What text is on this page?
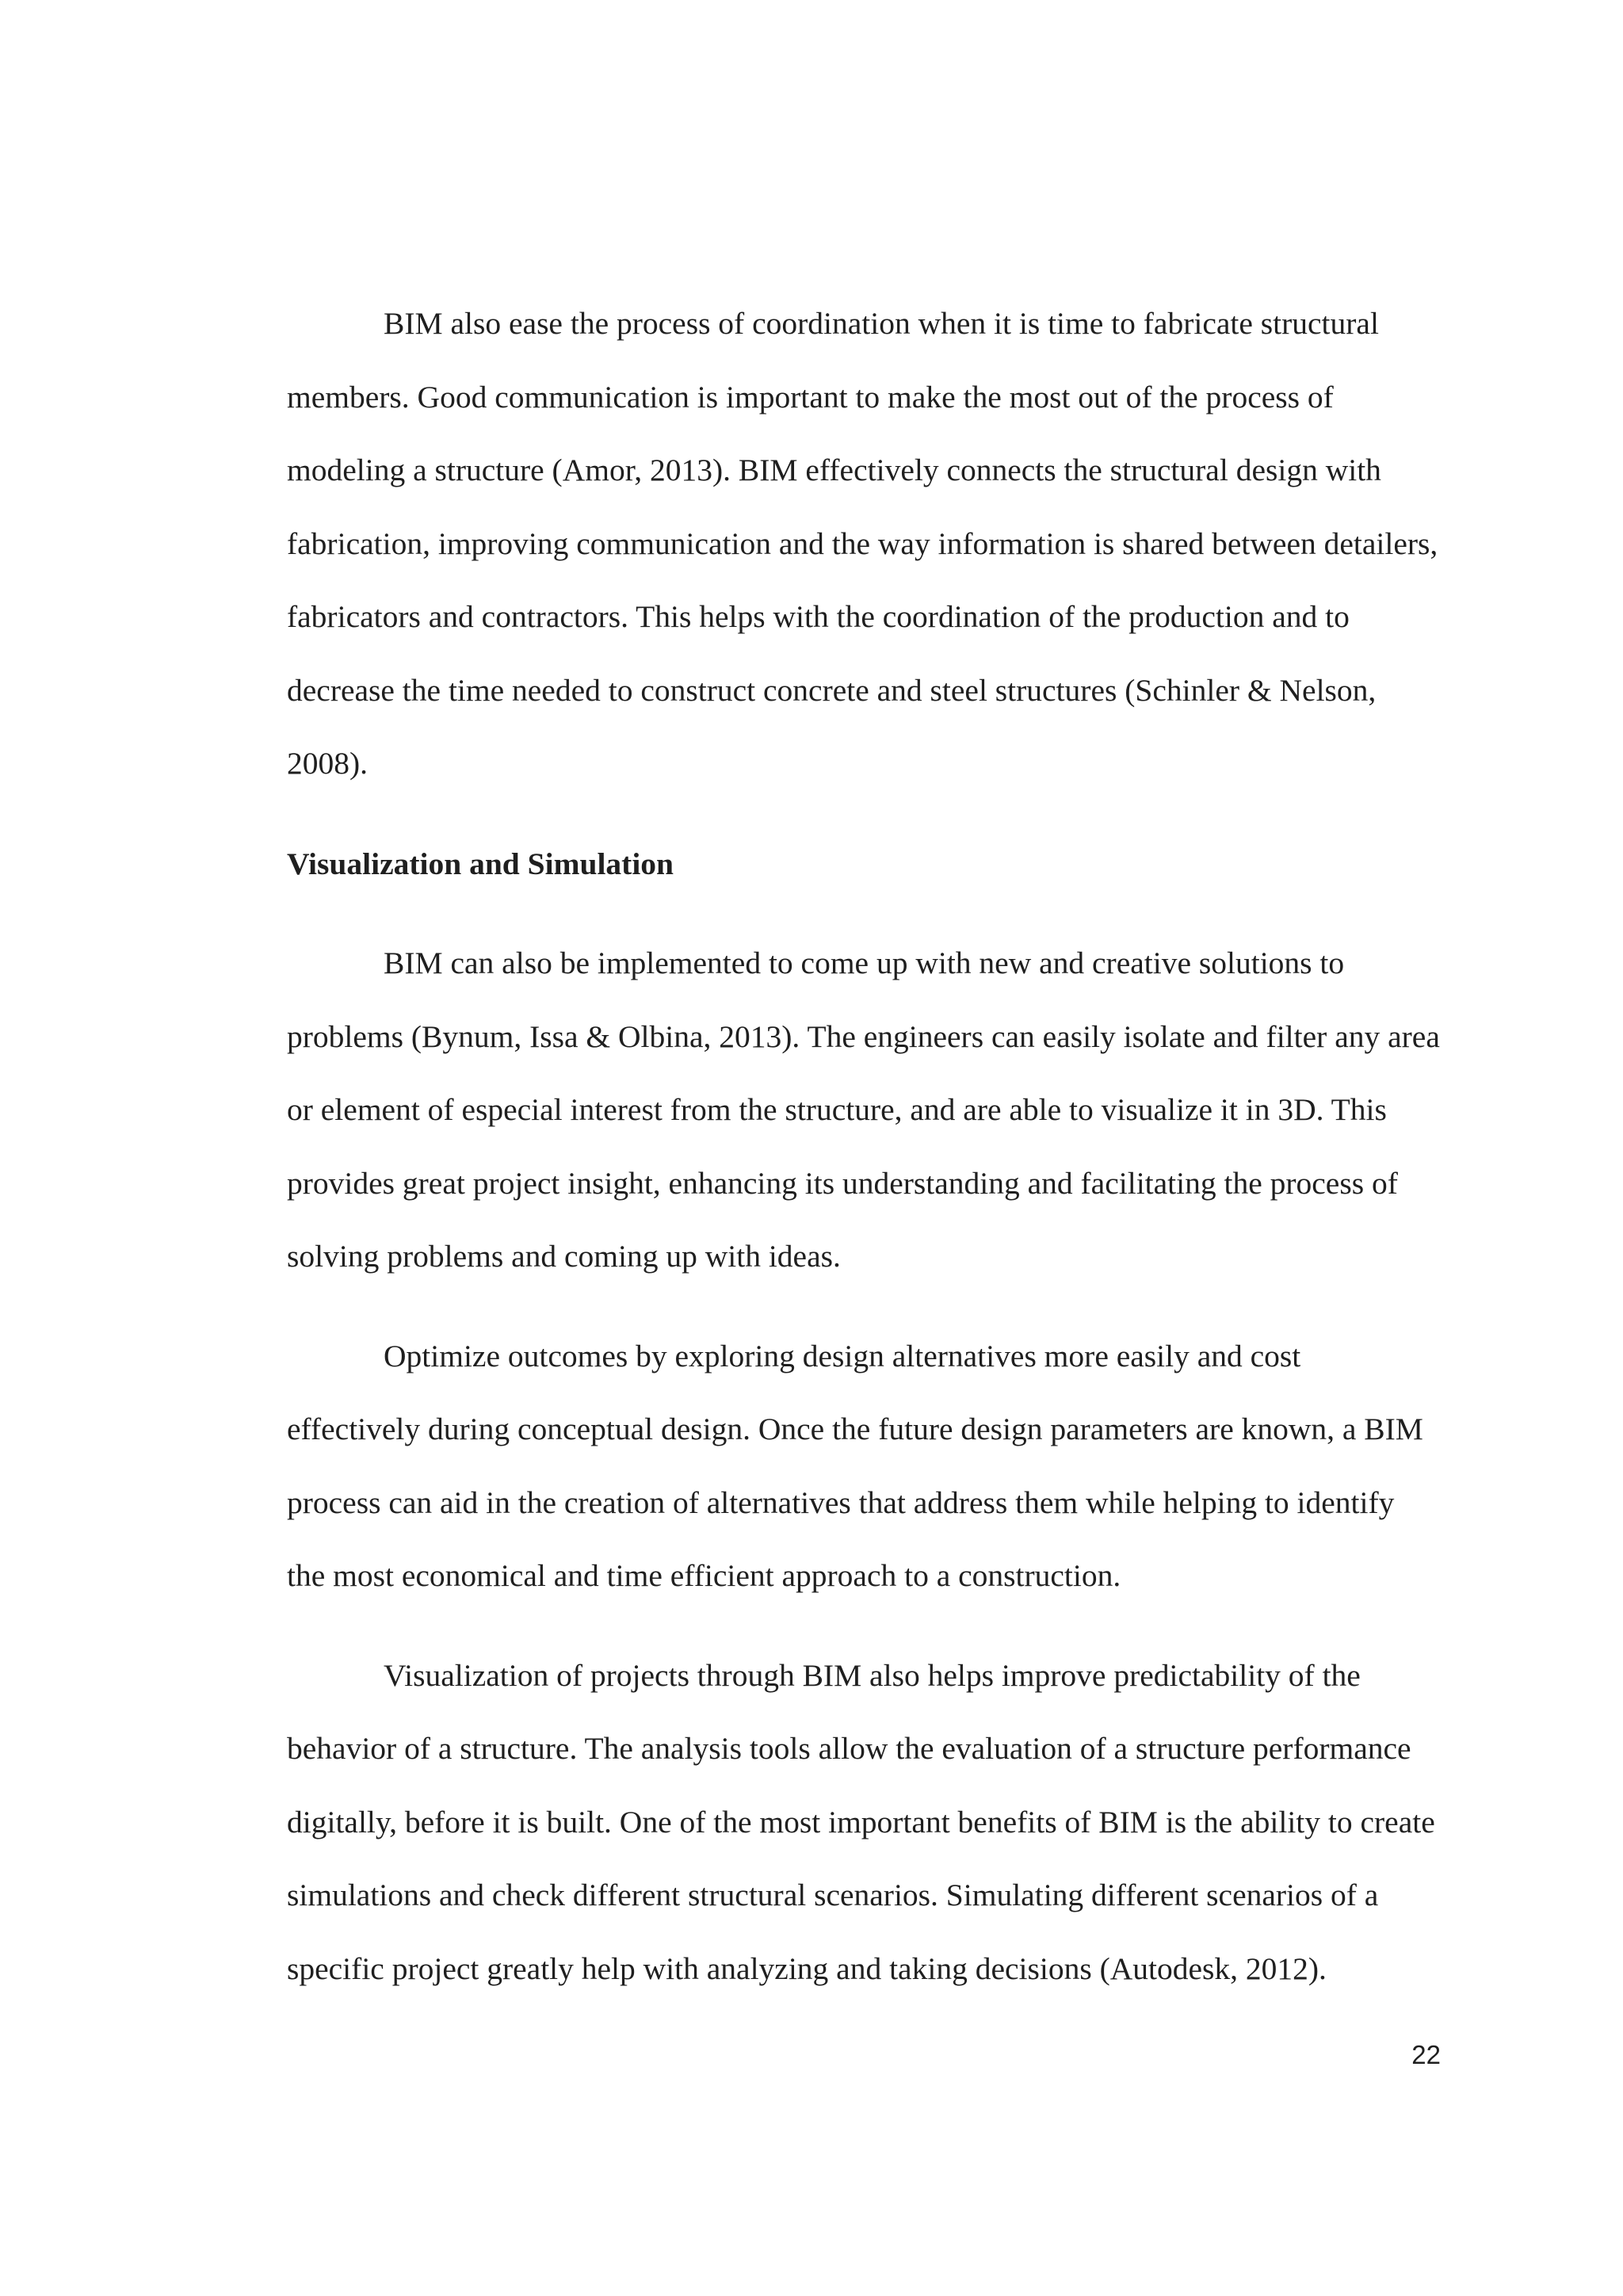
BIM also ease the process of coordination when it is time to fabricate structural members. Good communication is important to make the most out of the process of modeling a structure (Amor, 2013). BIM effectively connects the structural design with fabrication, improving communication and the way information is shared between detailers, fabricators and contractors. This helps with the coordination of the production and to decrease the time needed to construct concrete and steel structures (Schinler & Nelson, 2008).

Visualization and Simulation

BIM can also be implemented to come up with new and creative solutions to problems (Bynum, Issa & Olbina, 2013). The engineers can easily isolate and filter any area or element of especial interest from the structure, and are able to visualize it in 3D. This provides great project insight, enhancing its understanding and facilitating the process of solving problems and coming up with ideas.

Optimize outcomes by exploring design alternatives more easily and cost effectively during conceptual design. Once the future design parameters are known, a BIM process can aid in the creation of alternatives that address them while helping to identify the most economical and time efficient approach to a construction.

Visualization of projects through BIM also helps improve predictability of the behavior of a structure. The analysis tools allow the evaluation of a structure performance digitally, before it is built. One of the most important benefits of BIM is the ability to create simulations and check different structural scenarios. Simulating different scenarios of a specific project greatly help with analyzing and taking decisions (Autodesk, 2012).

22
